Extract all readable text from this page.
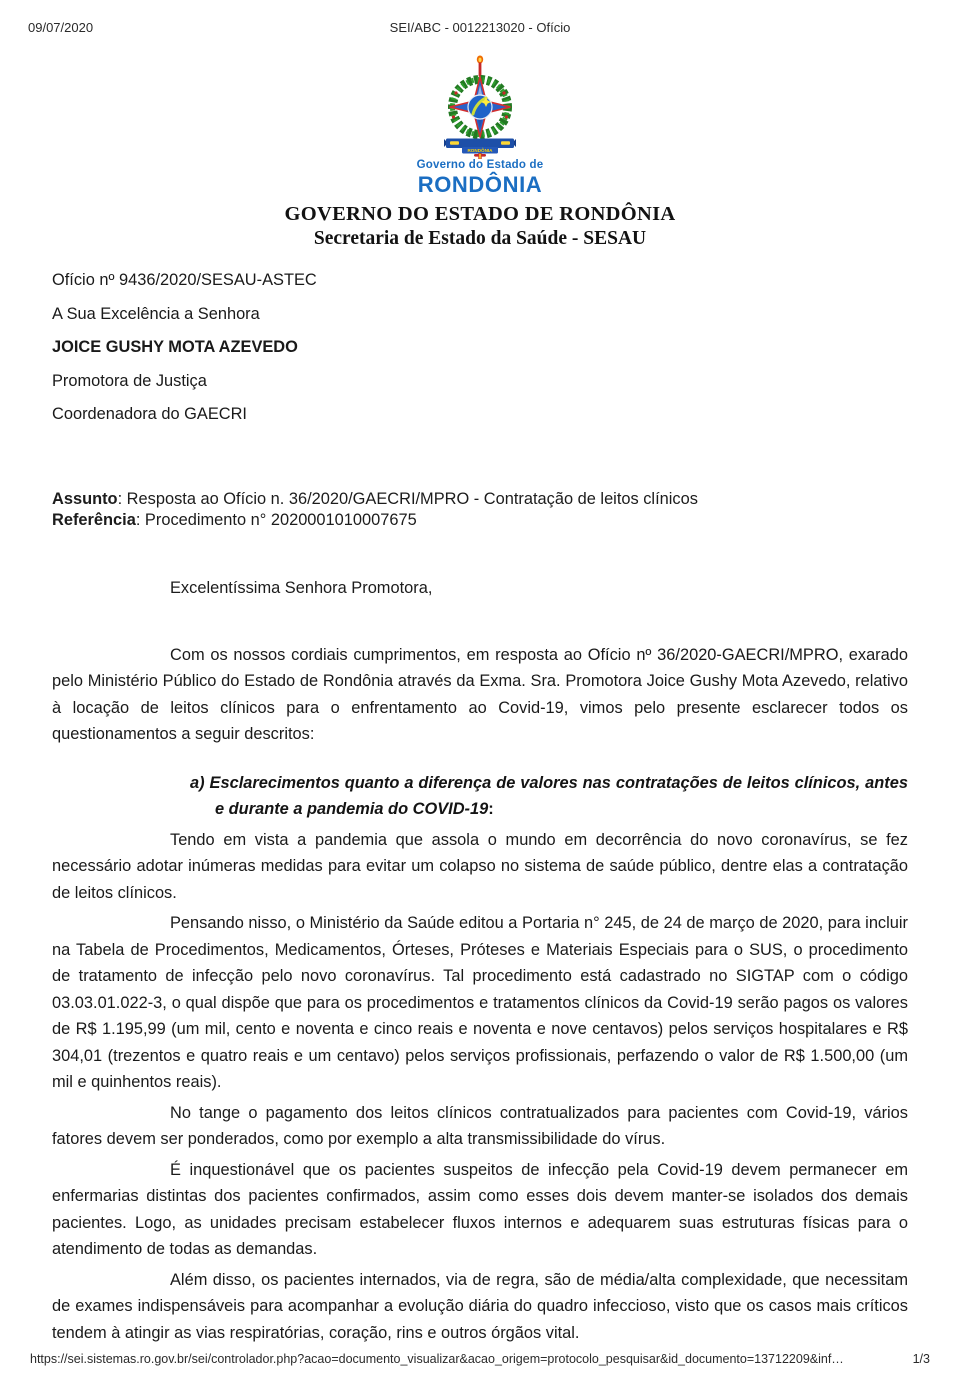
09/07/2020	SEI/ABC - 0012213020 - Ofício
RONDÔNIA
Governo do Estado de
RONDÔNIA
GOVERNO DO ESTADO DE RONDÔNIA
Secretaria de Estado da Saúde - SESAU
Ofício nº 9436/2020/SESAU-ASTEC
A Sua Excelência a Senhora
JOICE GUSHY MOTA AZEVEDO
Promotora de Justiça
Coordenadora do GAECRI
Assunto: Resposta ao Ofício n. 36/2020/GAECRI/MPRO - Contratação de leitos clínicos
Referência: Procedimento n° 2020001010007675
Excelentíssima Senhora Promotora,

Com os nossos cordiais cumprimentos, em resposta ao Ofício nº 36/2020-GAECRI/MPRO, exarado pelo Ministério Público do Estado de Rondônia através da Exma. Sra. Promotora Joice Gushy Mota Azevedo, relativo à locação de leitos clínicos para o enfrentamento ao Covid-19, vimos pelo presente esclarecer todos os questionamentos a seguir descritos:

a) Esclarecimentos quanto a diferença de valores nas contratações de leitos clínicos, antes e durante a pandemia do COVID-19:

Tendo em vista a pandemia que assola o mundo em decorrência do novo coronavírus, se fez necessário adotar inúmeras medidas para evitar um colapso no sistema de saúde público, dentre elas a contratação de leitos clínicos.

Pensando nisso, o Ministério da Saúde editou a Portaria n° 245, de 24 de março de 2020, para incluir na Tabela de Procedimentos, Medicamentos, Órteses, Próteses e Materiais Especiais para o SUS, o procedimento de tratamento de infecção pelo novo coronavírus. Tal procedimento está cadastrado no SIGTAP com o código 03.03.01.022-3, o qual dispõe que para os procedimentos e tratamentos clínicos da Covid-19 serão pagos os valores de R$ 1.195,99 (um mil, cento e noventa e cinco reais e noventa e nove centavos) pelos serviços hospitalares e R$ 304,01 (trezentos e quatro reais e um centavo) pelos serviços profissionais, perfazendo o valor de R$ 1.500,00 (um mil e quinhentos reais).

No tange o pagamento dos leitos clínicos contratualizados para pacientes com Covid-19, vários fatores devem ser ponderados, como por exemplo a alta transmissibilidade do vírus.

É inquestionável que os pacientes suspeitos de infecção pela Covid-19 devem permanecer em enfermarias distintas dos pacientes confirmados, assim como esses dois devem manter-se isolados dos demais pacientes. Logo, as unidades precisam estabelecer fluxos internos e adequarem suas estruturas físicas para o atendimento de todas as demandas.

Além disso, os pacientes internados, via de regra, são de média/alta complexidade, que necessitam de exames indispensáveis para acompanhar a evolução diária do quadro infeccioso, visto que os casos mais críticos tendem à atingir as vias respiratórias, coração, rins e outros órgãos vital.

https://sei.sistemas.ro.gov.br/sei/controlador.php?acao=documento_visualizar&acao_origem=protocolo_pesquisar&id_documento=13712209&inf…	1/3
